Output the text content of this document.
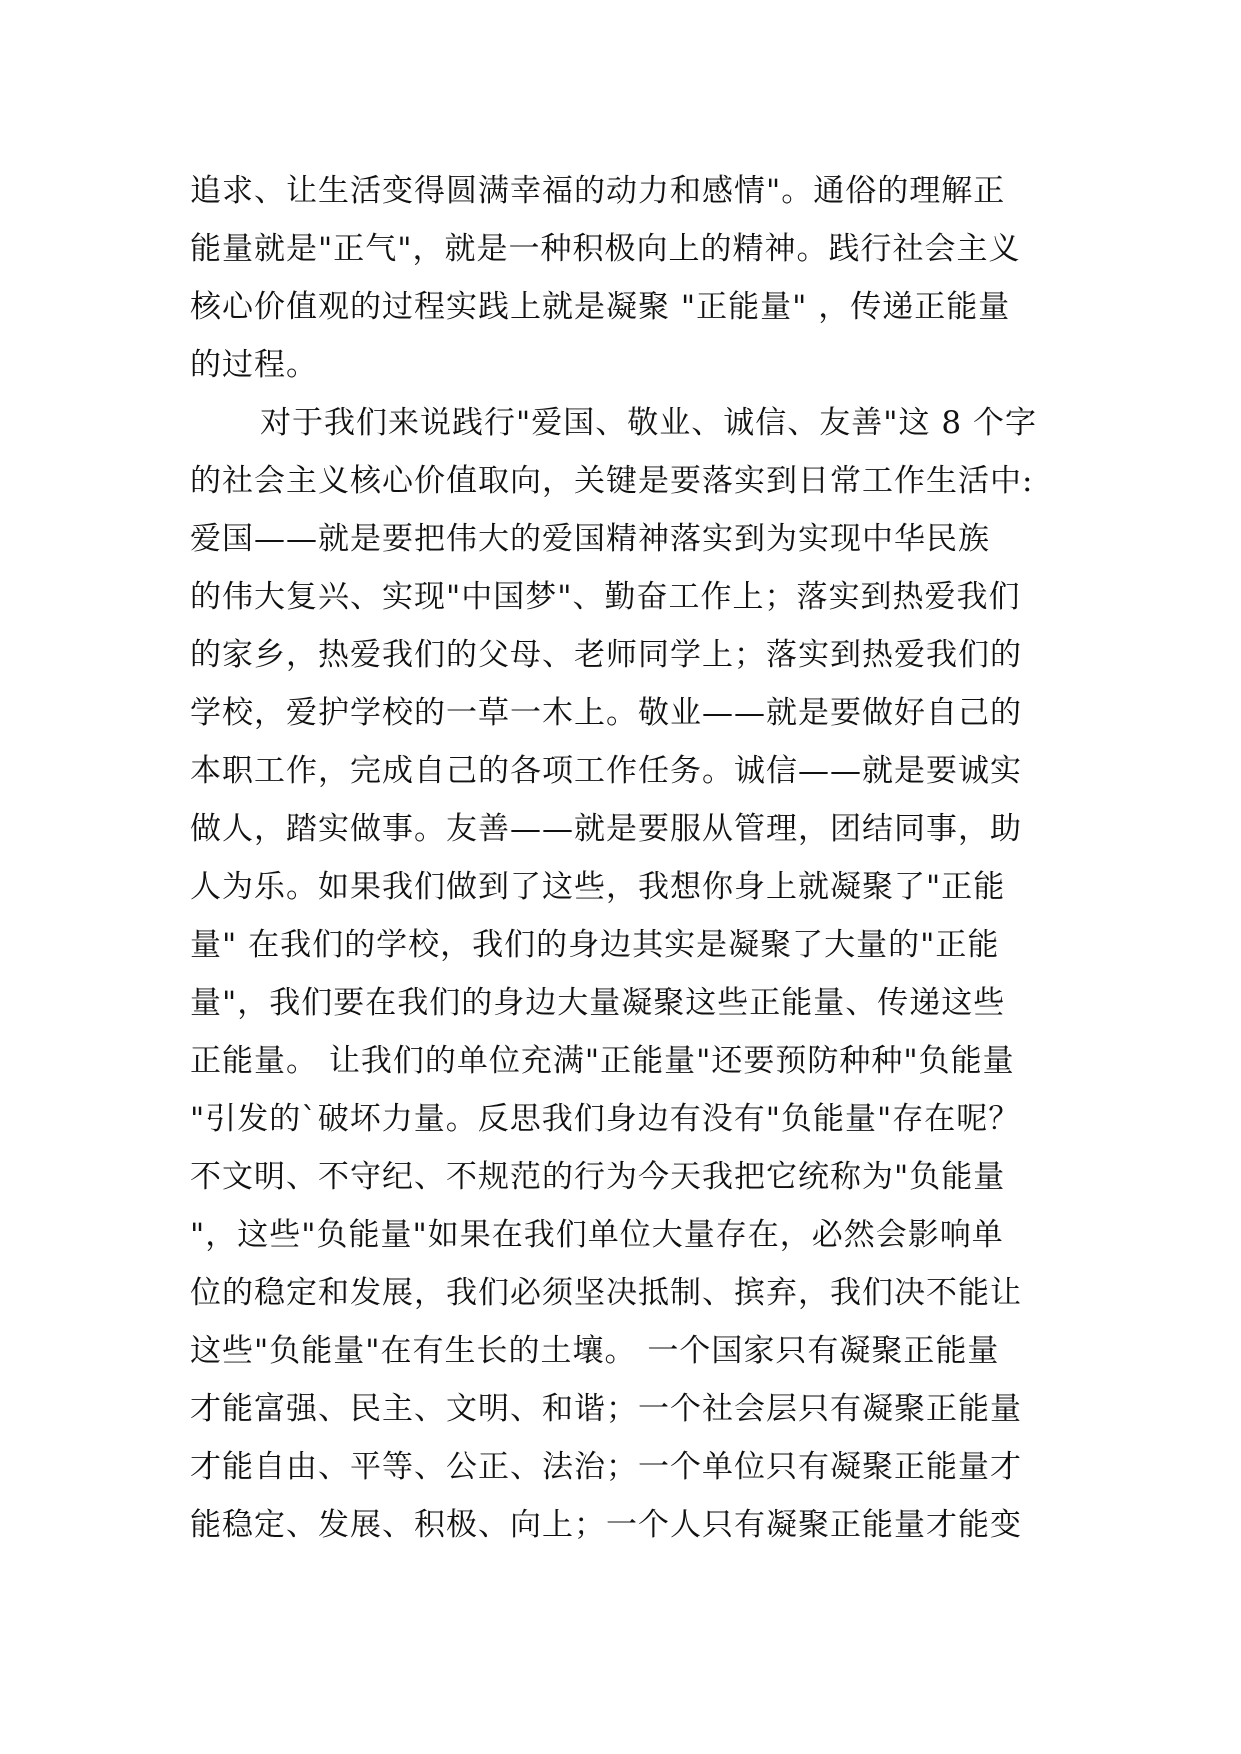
追求、让生活变得圆满幸福的动力和感情"。通俗的理解正
能量就是"正气"，就是一种积极向上的精神。践行社会主义
核心价值观的过程实践上就是凝聚 "正能量" ，传递正能量
的过程。
对于我们来说践行"爱国、敬业、诚信、友善"这 8 个字
的社会主义核心价值取向，关键是要落实到日常工作生活中:
爱国——就是要把伟大的爱国精神落实到为实现中华民族
的伟大复兴、实现"中国梦"、勤奋工作上；落实到热爱我们
的家乡，热爱我们的父母、老师同学上；落实到热爱我们的
学校，爱护学校的一草一木上。敬业——就是要做好自己的
本职工作，完成自己的各项工作任务。诚信——就是要诚实
做人，踏实做事。友善——就是要服从管理，团结同事，助
人为乐。如果我们做到了这些，我想你身上就凝聚了"正能
量" 在我们的学校，我们的身边其实是凝聚了大量的"正能
量"，我们要在我们的身边大量凝聚这些正能量、传递这些
正能量。 让我们的单位充满"正能量"还要预防种种"负能量
"引发的`破坏力量。反思我们身边有没有"负能量"存在呢？
不文明、不守纪、不规范的行为今天我把它统称为"负能量
"，这些"负能量"如果在我们单位大量存在，必然会影响单
位的稳定和发展，我们必须坚决抵制、摈弃，我们决不能让
这些"负能量"在有生长的土壤。 一个国家只有凝聚正能量
才能富强、民主、文明、和谐；一个社会层只有凝聚正能量
才能自由、平等、公正、法治；一个单位只有凝聚正能量才
能稳定、发展、积极、向上；一个人只有凝聚正能量才能变
